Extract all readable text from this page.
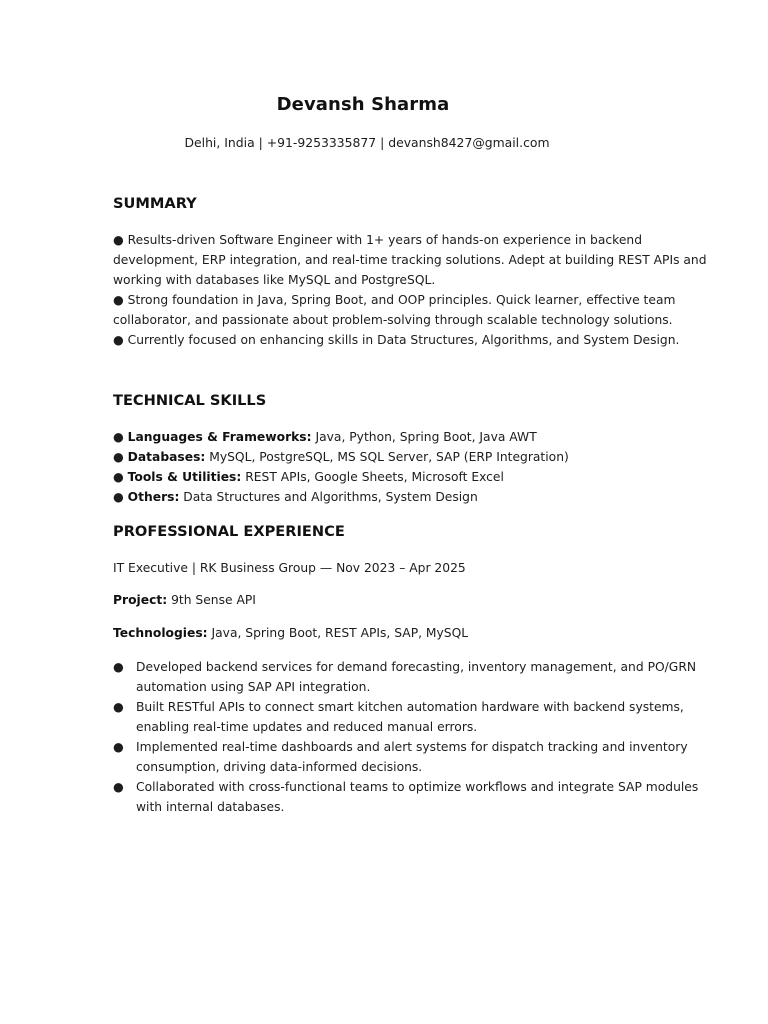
Devansh Sharma
Delhi, India | +91-9253335877 | devansh8427@gmail.com
SUMMARY
● Results-driven Software Engineer with 1+ years of hands-on experience in backend
development, ERP integration, and real-time tracking solutions. Adept at building REST APIs and
working with databases like MySQL and PostgreSQL.
● Strong foundation in Java, Spring Boot, and OOP principles. Quick learner, effective team
collaborator, and passionate about problem-solving through scalable technology solutions.
● Currently focused on enhancing skills in Data Structures, Algorithms, and System Design.
TECHNICAL SKILLS
● Languages & Frameworks: Java, Python, Spring Boot, Java AWT
● Databases: MySQL, PostgreSQL, MS SQL Server, SAP (ERP Integration)
● Tools & Utilities: REST APIs, Google Sheets, Microsoft Excel
● Others: Data Structures and Algorithms, System Design
PROFESSIONAL EXPERIENCE
IT Executive | RK Business Group — Nov 2023 – Apr 2025
Project: 9th Sense API
Technologies: Java, Spring Boot, REST APIs, SAP, MySQL
● Developed backend services for demand forecasting, inventory management, and PO/GRN
automation using SAP API integration.
● Built RESTful APIs to connect smart kitchen automation hardware with backend systems,
enabling real-time updates and reduced manual errors.
● Implemented real-time dashboards and alert systems for dispatch tracking and inventory
consumption, driving data-informed decisions.
● Collaborated with cross-functional teams to optimize workflows and integrate SAP modules
with internal databases.
